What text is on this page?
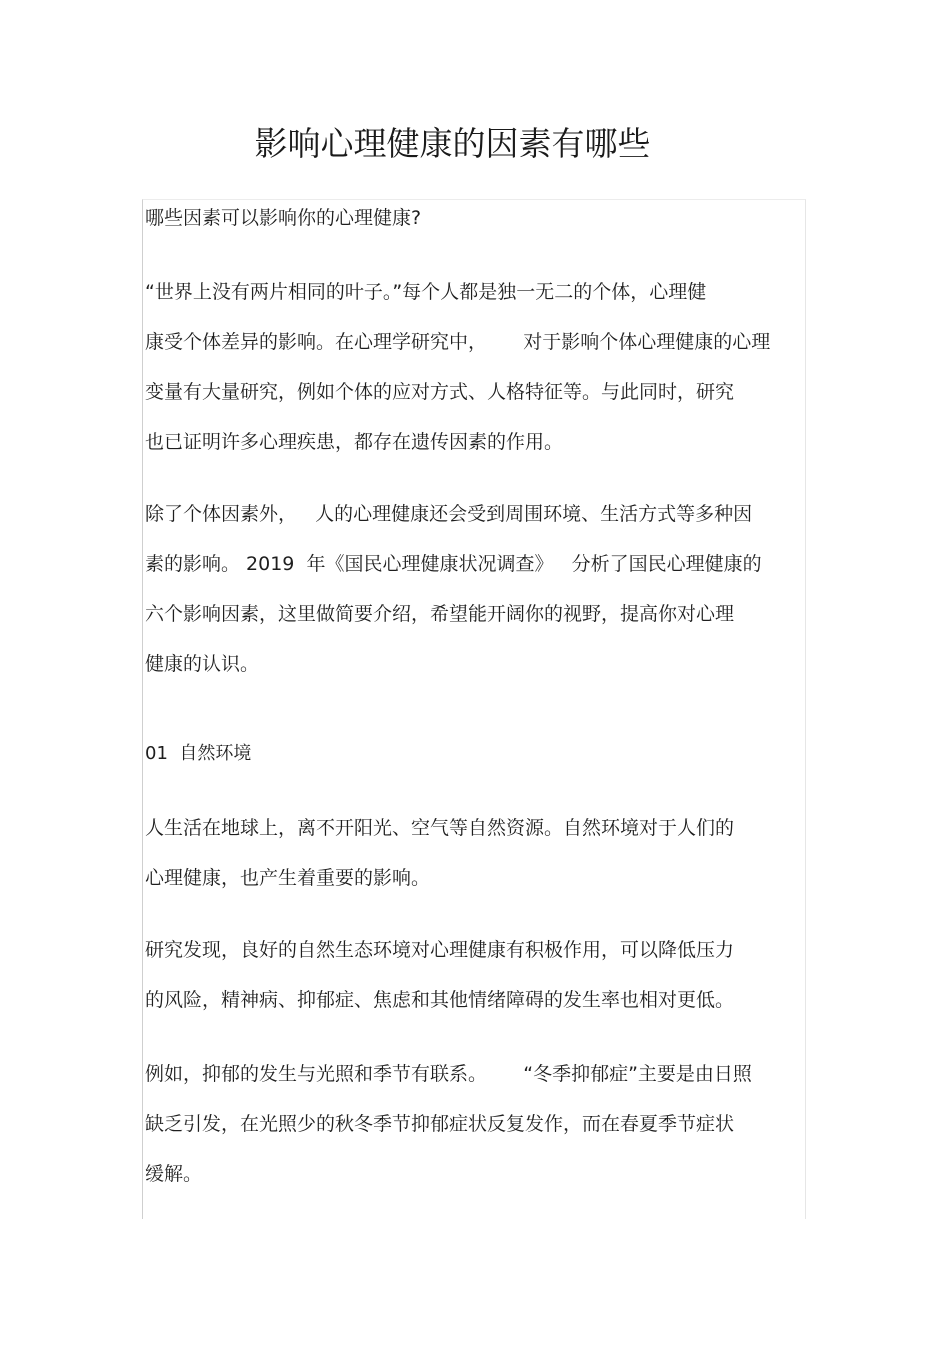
影响心理健康的因素有哪些
哪些因素可以影响你的心理健康?
“世界上没有两片相同的叶子。”每个人都是独一无二的个体，心理健
康受个体差异的影响。在心理学研究中，      对于影响个体心理健康的心理
变量有大量研究，例如个体的应对方式、人格特征等。与此同时，研究
也已证明许多心理疾患，都存在遗传因素的作用。
除了个体因素外，   人的心理健康还会受到周围环境、生活方式等多种因
素的影响。 2019  年《国民心理健康状况调查》   分析了国民心理健康的
六个影响因素，这里做简要介绍，希望能开阔你的视野，提高你对心理
健康的认识。
01  自然环境
人生活在地球上，离不开阳光、空气等自然资源。自然环境对于人们的
心理健康，也产生着重要的影响。
研究发现，良好的自然生态环境对心理健康有积极作用，可以降低压力
的风险，精神病、抑郁症、焦虑和其他情绪障碍的发生率也相对更低。
例如，抑郁的发生与光照和季节有联系。      “冬季抑郁症”主要是由日照
缺乏引发，在光照少的秋冬季节抑郁症状反复发作，而在春夏季节症状
缓解。
